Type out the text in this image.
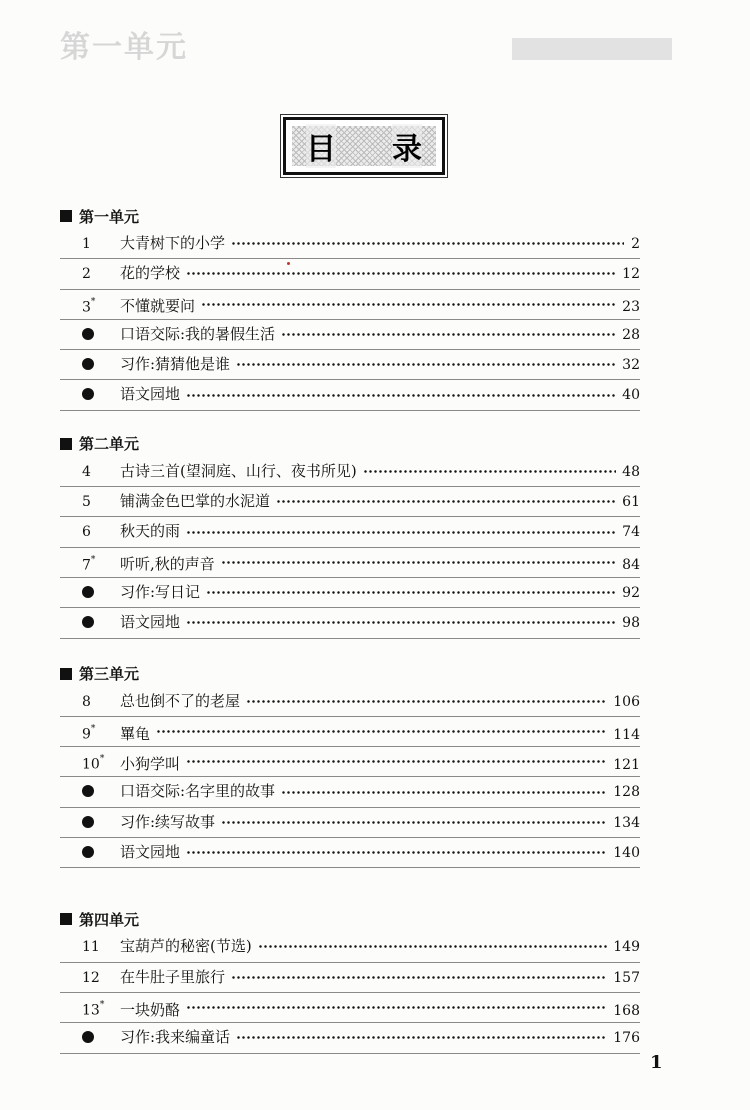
第一单元
目 录
第一单元
1	大青树下的小学	2
2	花的学校	12
3*	不懂就要问	23
口语交际:我的暑假生活	28
习作:猜猜他是谁	32
语文园地	40
第二单元
4	古诗三首(望洞庭、山行、夜书所见)	48
5	铺满金色巴掌的水泥道	61
6	秋天的雨	74
7*	听听,秋的声音	84
习作:写日记	92
语文园地	98
第三单元
8	总也倒不了的老屋	106
9*	罼龟	114
10*	小狗学叫	121
口语交际:名字里的故事	128
习作:续写故事	134
语文园地	140
第四单元
11	宝葫芦的秘密(节选)	149
12	在牛肚子里旅行	157
13*	一块奶酪	168
习作:我来编童话	176
1
